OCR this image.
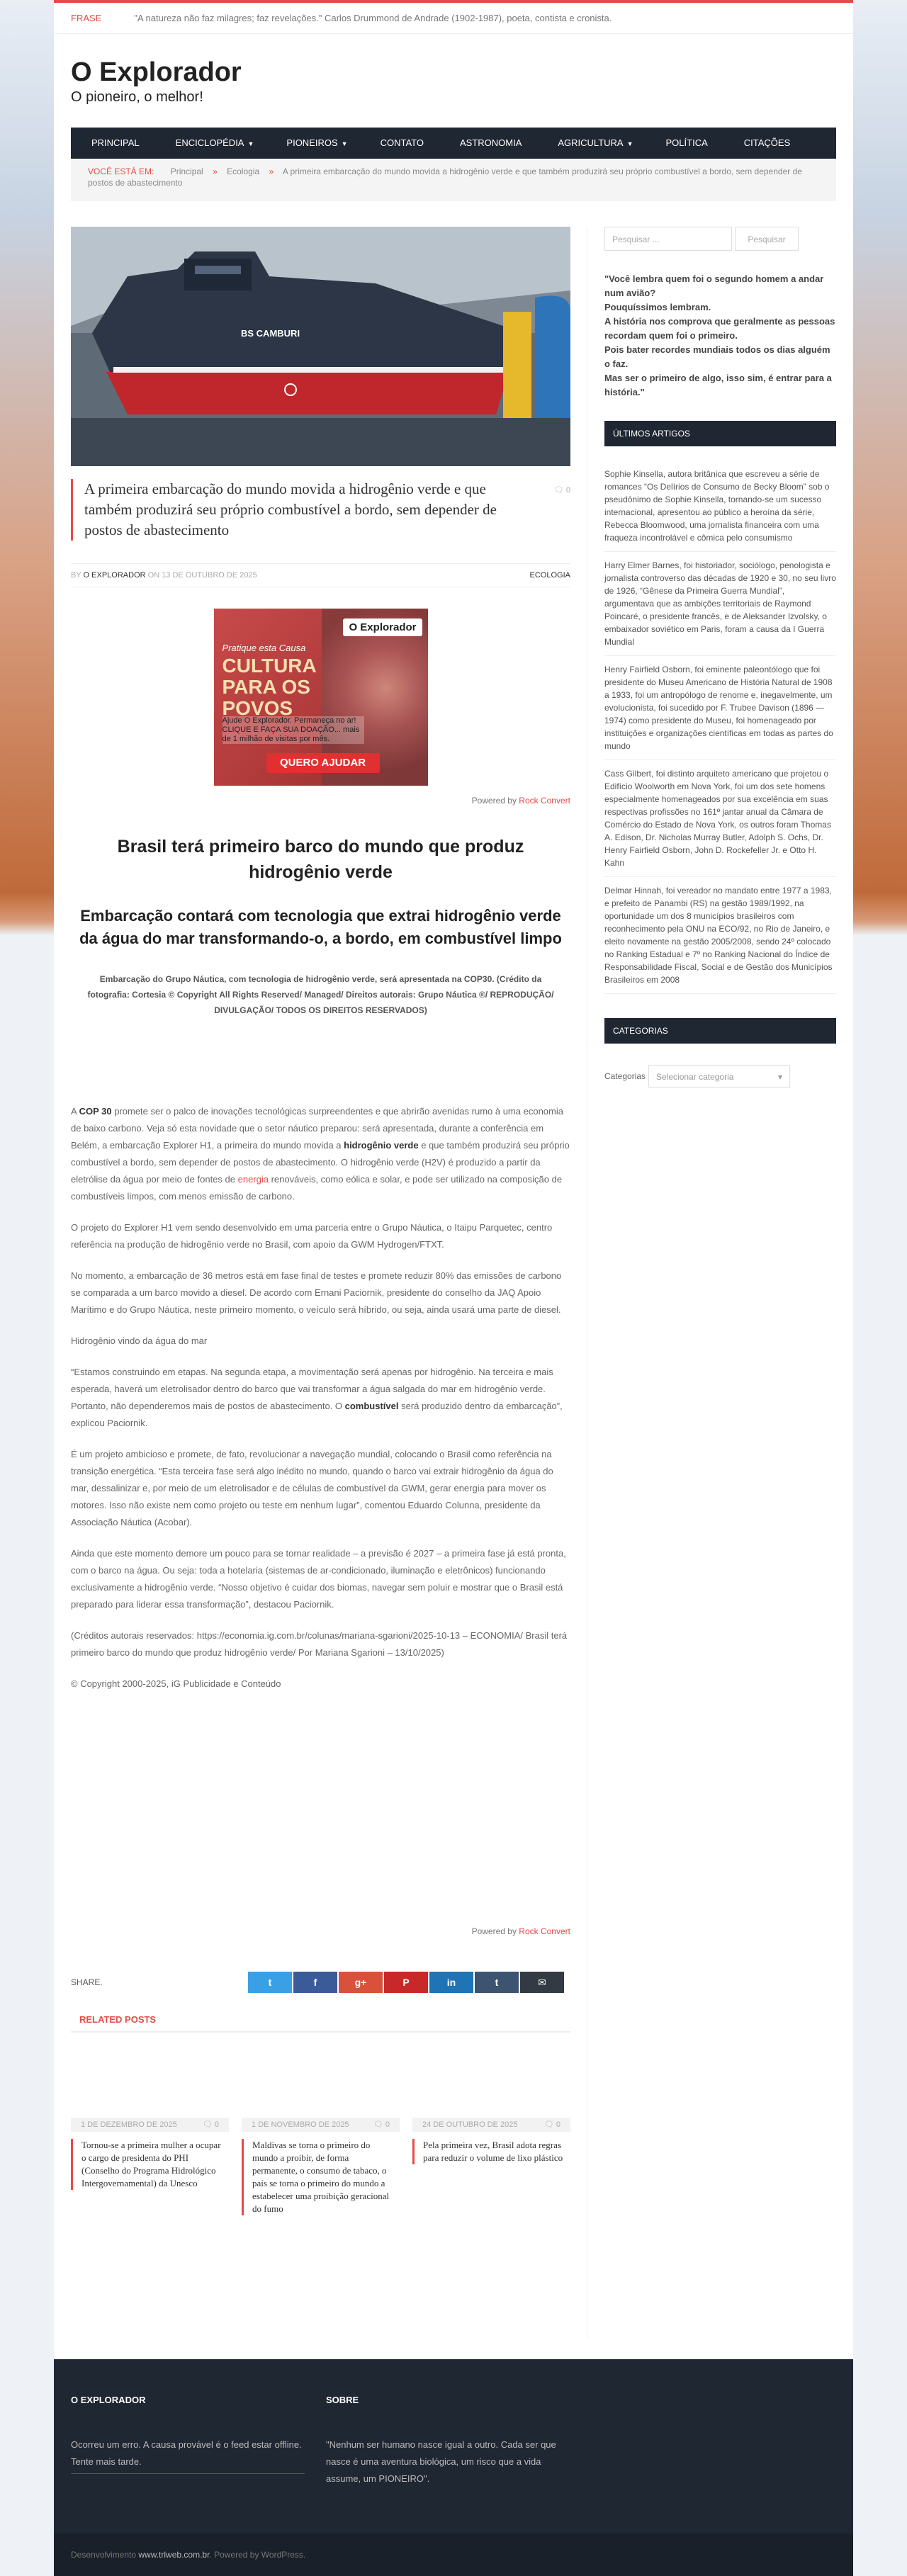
FRASE	"A natureza não faz milagres; faz revelações." Carlos Drummond de Andrade (1902-1987), poeta, contista e cronista.
O Explorador

O pioneiro, o melhor!

PRINCIPAL	ENCICLOPÉDIA ▼	PIONEIROS ▼	CONTATO	ASTRONOMIA	AGRICULTURA ▼	POLÍTICA	CITAÇÕES
VOCÊ ESTÁ EM: Principal » Ecologia » A primeira embarcação do mundo movida a hidrogênio verde e que também produzirá seu próprio combustível a bordo, sem depender de postos de abastecimento
BS CAMBURI
A primeira embarcação do mundo movida a hidrogênio verde e que também produzirá seu próprio combustível a bordo, sem depender de postos de abastecimento
🗨 0
BY O EXPLORADOR ON 13 DE OUTUBRO DE 2025	ECOLOGIA
O Explorador
Pratique esta Causa
CULTURA PARA OS POVOS
Ajude O Explorador. Permaneça no ar! CLIQUE E FAÇA SUA DOAÇÃO... mais de 1 milhão de visitas por mês.
QUERO AJUDAR
Powered by Rock Convert
Brasil terá primeiro barco do mundo que produz hidrogênio verde
Embarcação contará com tecnologia que extrai hidrogênio verde da água do mar transformando-o, a bordo, em combustível limpo
Embarcação do Grupo Náutica, com tecnologia de hidrogênio verde, será apresentada na COP30. (Crédito da fotografia: Cortesia © Copyright All Rights Reserved/ Managed/ Direitos autorais: Grupo Náutica ®/ REPRODUÇÃO/ DIVULGAÇÃO/ TODOS OS DIREITOS RESERVADOS)

A COP 30 promete ser o palco de inovações tecnológicas surpreendentes e que abrirão avenidas rumo à uma economia de baixo carbono. Veja só esta novidade que o setor náutico preparou: será apresentada, durante a conferência em Belém, a embarcação Explorer H1, a primeira do mundo movida a hidrogênio verde e que também produzirá seu próprio combustível a bordo, sem depender de postos de abastecimento. O hidrogênio verde (H2V) é produzido a partir da eletrólise da água por meio de fontes de energia renováveis, como eólica e solar, e pode ser utilizado na composição de combustíveis limpos, com menos emissão de carbono.

O projeto do Explorer H1 vem sendo desenvolvido em uma parceria entre o Grupo Náutica, o Itaipu Parquetec, centro referência na produção de hidrogênio verde no Brasil, com apoio da GWM Hydrogen/FTXT.

No momento, a embarcação de 36 metros está em fase final de testes e promete reduzir 80% das emissões de carbono se comparada a um barco movido a diesel. De acordo com Ernani Paciornik, presidente do conselho da JAQ Apoio Marítimo e do Grupo Náutica, neste primeiro momento, o veículo será híbrido, ou seja, ainda usará uma parte de diesel.

Hidrogênio vindo da água do mar

“Estamos construindo em etapas. Na segunda etapa, a movimentação será apenas por hidrogênio. Na terceira e mais esperada, haverá um eletrolisador dentro do barco que vai transformar a água salgada do mar em hidrogênio verde. Portanto, não dependeremos mais de postos de abastecimento. O combustível será produzido dentro da embarcação”, explicou Paciornik.

É um projeto ambicioso e promete, de fato, revolucionar a navegação mundial, colocando o Brasil como referência na transição energética. “Esta terceira fase será algo inédito no mundo, quando o barco vai extrair hidrogênio da água do mar, dessalinizar e, por meio de um eletrolisador e de células de combustível da GWM, gerar energia para mover os motores. Isso não existe nem como projeto ou teste em nenhum lugar”, comentou Eduardo Colunna, presidente da Associação Náutica (Acobar).

Ainda que este momento demore um pouco para se tornar realidade – a previsão é 2027 – a primeira fase já está pronta, com o barco na água. Ou seja: toda a hotelaria (sistemas de ar-condicionado, iluminação e eletrônicos) funcionando exclusivamente a hidrogênio verde. “Nosso objetivo é cuidar dos biomas, navegar sem poluir e mostrar que o Brasil está preparado para liderar essa transformação”, destacou Paciornik.

(Créditos autorais reservados: https://economia.ig.com.br/colunas/mariana-sgarioni/2025-10-13 – ECONOMIA/ Brasil terá primeiro barco do mundo que produz hidrogênio verde/ Por Mariana Sgarioni – 13/10/2025)

© Copyright 2000-2025, iG Publicidade e Conteúdo

Powered by Rock Convert
SHARE.	t	f	g+	P	in	t	✉
RELATED POSTS
1 DE DEZEMBRO DE 2025	🗨 0
Tornou-se a primeira mulher a ocupar o cargo de presidenta do PHI (Conselho do Programa Hidrológico Intergovernamental) da Unesco
1 DE NOVEMBRO DE 2025	🗨 0
Maldivas se torna o primeiro do mundo a proibir, de forma permanente, o consumo de tabaco, o país se torna o primeiro do mundo a estabelecer uma proibição geracional do fumo
24 DE OUTUBRO DE 2025	🗨 0
Pela primeira vez, Brasil adota regras para reduzir o volume de lixo plástico
Pesquisar ...	Pesquisar
"Você lembra quem foi o segundo homem a andar num avião?
Pouquíssimos lembram.
A história nos comprova que geralmente as pessoas recordam quem foi o primeiro.
Pois bater recordes mundiais todos os dias alguém o faz.
Mas ser o primeiro de algo, isso sim, é entrar para a história."
ÚLTIMOS ARTIGOS
Sophie Kinsella, autora britânica que escreveu a série de romances “Os Delírios de Consumo de Becky Bloom” sob o pseudônimo de Sophie Kinsella, tornando-se um sucesso internacional, apresentou ao público a heroína da série, Rebecca Bloomwood, uma jornalista financeira com uma fraqueza incontrolável e cômica pelo consumismo
Harry Elmer Barnes, foi historiador, sociólogo, penologista e jornalista controverso das décadas de 1920 e 30, no seu livro de 1926, “Gênese da Primeira Guerra Mundial”, argumentava que as ambições territoriais de Raymond Poincaré, o presidente francês, e de Aleksander Izvolsky, o embaixador soviético em Paris, foram a causa da I Guerra Mundial
Henry Fairfield Osborn, foi eminente paleontólogo que foi presidente do Museu Americano de História Natural de 1908 a 1933, foi um antropólogo de renome e, inegavelmente, um evolucionista, foi sucedido por F. Trubee Davison (1896 — 1974) como presidente do Museu, foi homenageado por instituições e organizações científicas em todas as partes do mundo
Cass Gilbert, foi distinto arquiteto americano que projetou o Edifício Woolworth em Nova York, foi um dos sete homens especialmente homenageados por sua excelência em suas respectivas profissões no 161º jantar anual da Câmara de Comércio do Estado de Nova York, os outros foram Thomas A. Edison, Dr. Nicholas Murray Butler, Adolph S. Ochs, Dr. Henry Fairfield Osborn, John D. Rockefeller Jr. e Otto H. Kahn
Delmar Hinnah, foi vereador no mandato entre 1977 a 1983, e prefeito de Panambi (RS) na gestão 1989/1992, na oportunidade um dos 8 municípios brasileiros com reconhecimento pela ONU na ECO/92, no Rio de Janeiro, e eleito novamente na gestão 2005/2008, sendo 24º colocado no Ranking Estadual e 7º no Ranking Nacional do Índice de Responsabilidade Fiscal, Social e de Gestão dos Municípios Brasileiros em 2008
CATEGORIAS
Categorias	Selecionar categoria	▾
O EXPLORADOR

Ocorreu um erro. A causa provável é o feed estar offline. Tente mais tarde.

SOBRE

"Nenhum ser humano nasce igual a outro. Cada ser que nasce é uma aventura biológica, um risco que a vida assume, um PIONEIRO".

Desenvolvimento www.trlweb.com.br. Powered by WordPress.
